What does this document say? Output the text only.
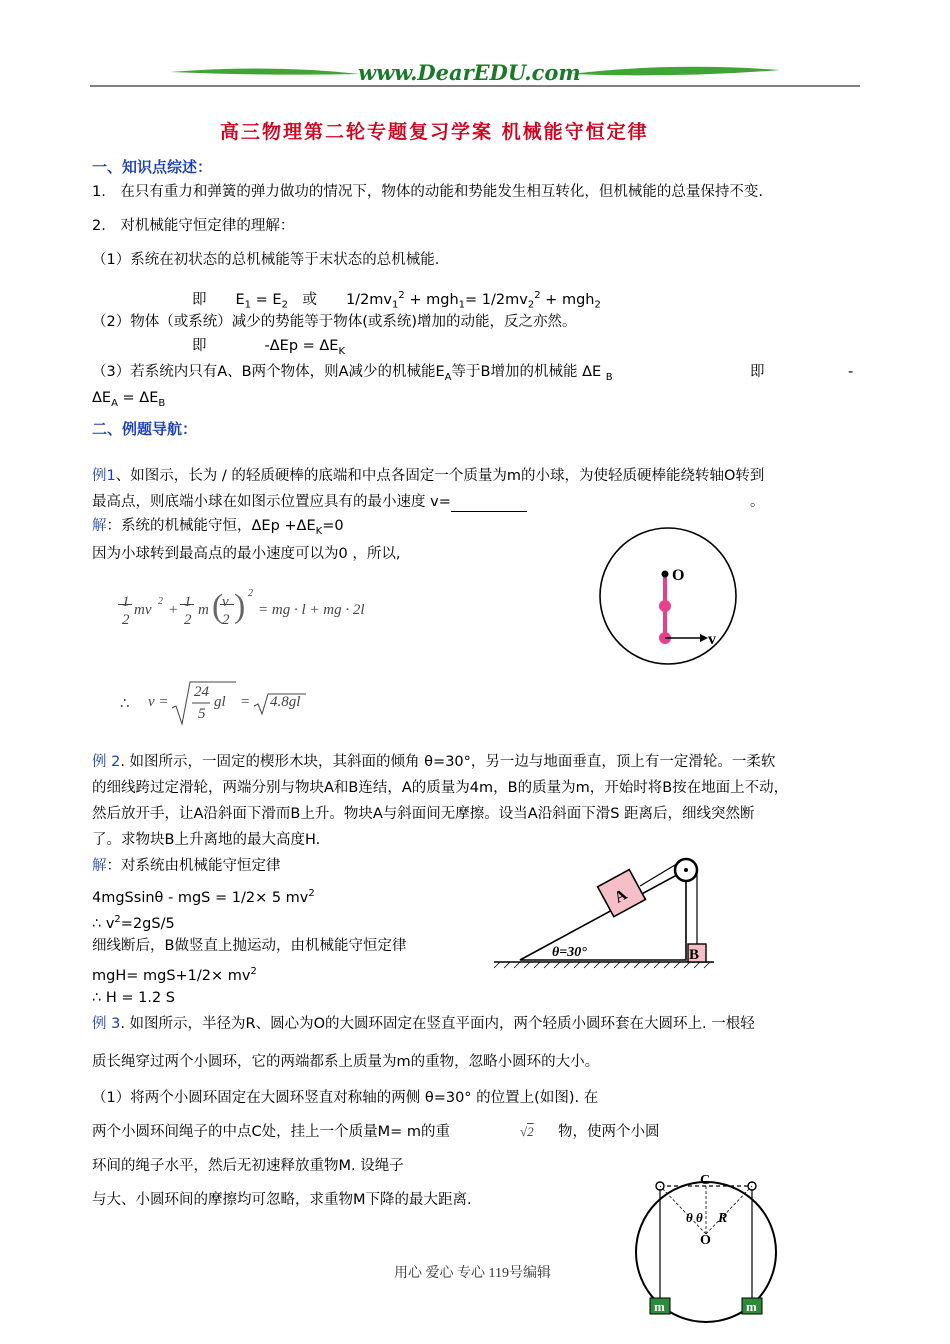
www.DearEDU.com
高三物理第二轮专题复习学案 机械能守恒定律
一、知识点综述：
1.　在只有重力和弹簧的弹力做功的情况下，物体的动能和势能发生相互转化，但机械能的总量保持不变.
2.　对机械能守恒定律的理解：
（1）系统在初状态的总机械能等于末状态的总机械能.
即　　$E_1 = E_2$　或　　$1/2mv_1^2 + mgh_1= 1/2mv_2^2 + mgh_2$
（2）物体（或系统）减少的势能等于物体(或系统)增加的动能，反之亦然。
即　　　　$-\Delta Ep = \Delta E_K$
（3）若系统内只有A、B两个物体，则A减少的机械能$E_A$等于B增加的机械能 ΔE $_B$	即	-
$\Delta E_A = \Delta E_B$
二、例题导航：
例1、如图示，长为 / 的轻质硬棒的底端和中点各固定一个质量为m的小球，为使轻质硬棒能绕转轴O转到
最高点，则底端小球在如图示位置应具有的最小速度 v=	。
解：系统的机械能守恒，$\Delta Ep +\Delta E_K=0$
因为小球转到最高点的最小速度可以为0 ，所以,
1
2
mv
2
+ 1
2
m (
v
2 ) 2
= mg · l + mg · 2l
∴ v =
24
5
gl = 4.8gl
O
v
例 2. 如图所示，一固定的楔形木块，其斜面的倾角 θ=30°，另一边与地面垂直，顶上有一定滑轮。一柔软
的细线跨过定滑轮，两端分别与物块A和B连结，A的质量为4m，B的质量为m，开始时将B按在地面上不动，
然后放开手，让A沿斜面下滑而B上升。物块A与斜面间无摩擦。设当A沿斜面下滑S 距离后，细线突然断
了。求物块B上升离地的最大高度H.
解：对系统由机械能守恒定律
4mgSsinθ - mgS = 1/2× 5 $mv^2$
∴ $v^2=2gS/5$
细线断后，B做竖直上抛运动，由机械能守恒定律
$mgH= mgS+1/2\times mv^2$
∴ H = 1.2 S
A
B
θ=30°
例 3. 如图所示，半径为R、圆心为O的大圆环固定在竖直平面内，两个轻质小圆环套在大圆环上. 一根轻
质长绳穿过两个小圆环，它的两端都系上质量为m的重物，忽略小圆环的大小。
（1）将两个小圆环固定在大圆环竖直对称轴的两侧 θ=30° 的位置上(如图). 在
两个小圆环间绳子的中点C处，挂上一个质量M= m的重	√2 物，使两个小圆
环间的绳子水平，然后无初速释放重物M. 设绳子
与大、小圆环间的摩擦均可忽略，求重物M下降的最大距离.
m	m
C
θ θ R
O
用心 爱心 专心 119号编辑
